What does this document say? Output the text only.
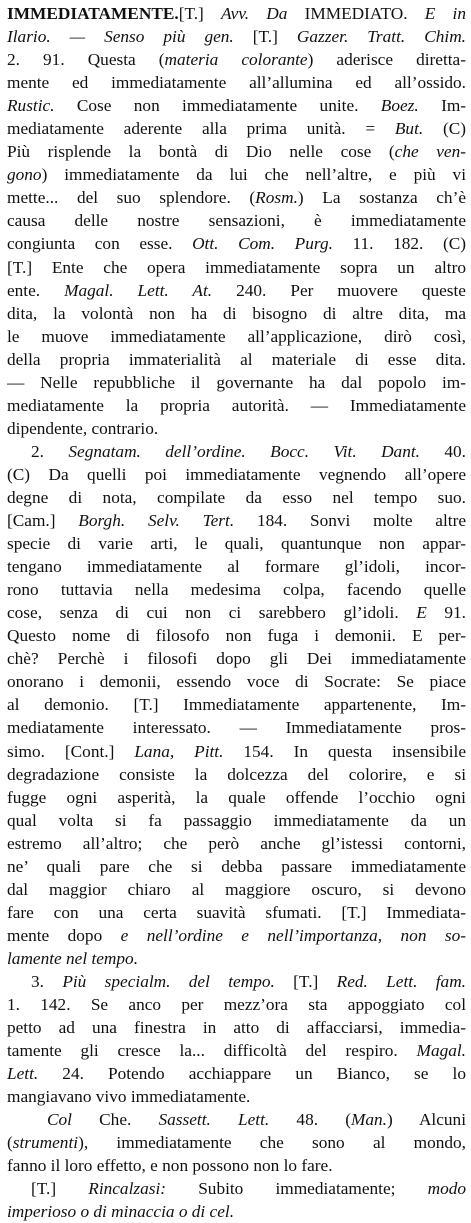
IMMEDIATAMENTE.[T.] Avv. Da IMMEDIATO. E in
Ilario. — Senso più gen. [T.] Gazzer. Tratt. Chim.
2. 91. Questa (materia colorante) aderisce diretta-
mente ed immediatamente all’allumina ed all’ossido.
Rustic. Cose non immediatamente unite. Boez. Im-
mediatamente aderente alla prima unità. = But. (C)
Più risplende la bontà di Dio nelle cose (che ven-
gono) immediatamente da lui che nell’altre, e più vi
mette... del suo splendore. (Rosm.) La sostanza ch’è
causa delle nostre sensazioni, è immediatamente
congiunta con esse. Ott. Com. Purg. 11. 182. (C)
[T.] Ente che opera immediatamente sopra un altro
ente. Magal. Lett. At. 240. Per muovere queste
dita, la volontà non ha di bisogno di altre dita, ma
le muove immediatamente all’applicazione, dirò così,
della propria immaterialità al materiale di esse dita.
— Nelle repubbliche il governante ha dal popolo im-
mediatamente la propria autorità. — Immediatamente
dipendente, contrario.
2. Segnatam. dell’ordine. Bocc. Vit. Dant. 40.
(C) Da quelli poi immediatamente vegnendo all’opere
degne di nota, compilate da esso nel tempo suo.
[Cam.] Borgh. Selv. Tert. 184. Sonvi molte altre
specie di varie arti, le quali, quantunque non appar-
tengano immediatamente al formare gl’idoli, incor-
rono tuttavia nella medesima colpa, facendo quelle
cose, senza di cui non ci sarebbero gl’idoli. E 91.
Questo nome di filosofo non fuga i demonii. E per-
chè? Perchè i filosofi dopo gli Dei immediatamente
onorano i demonii, essendo voce di Socrate: Se piace
al demonio. [T.] Immediatamente appartenente, Im-
mediatamente interessato. — Immediatamente pros-
simo. [Cont.] Lana, Pitt. 154. In questa insensibile
degradazione consiste la dolcezza del colorire, e si
fugge ogni asperità, la quale offende l’occhio ogni
qual volta si fa passaggio immediatamente da un
estremo all’altro; che però anche gl’istessi contorni,
ne’ quali pare che si debba passare immediatamente
dal maggior chiaro al maggiore oscuro, si devono
fare con una certa suavità sfumati. [T.] Immediata-
mente dopo e nell’ordine e nell’importanza, non so-
lamente nel tempo.
3. Più specialm. del tempo. [T.] Red. Lett. fam.
1. 142. Se anco per mezz’ora sta appoggiato col
petto ad una finestra in atto di affacciarsi, immedia-
tamente gli cresce la... difficoltà del respiro. Magal.
Lett. 24. Potendo acchiappare un Bianco, se lo
mangiavano vivo immediatamente.
Col Che. Sassett. Lett. 48. (Man.) Alcuni
(strumenti), immediatamente che sono al mondo,
fanno il loro effetto, e non possono non lo fare.
[T.] Rincalzasi: Subito immediatamente; modo
imperioso o di minaccia o di cel.
